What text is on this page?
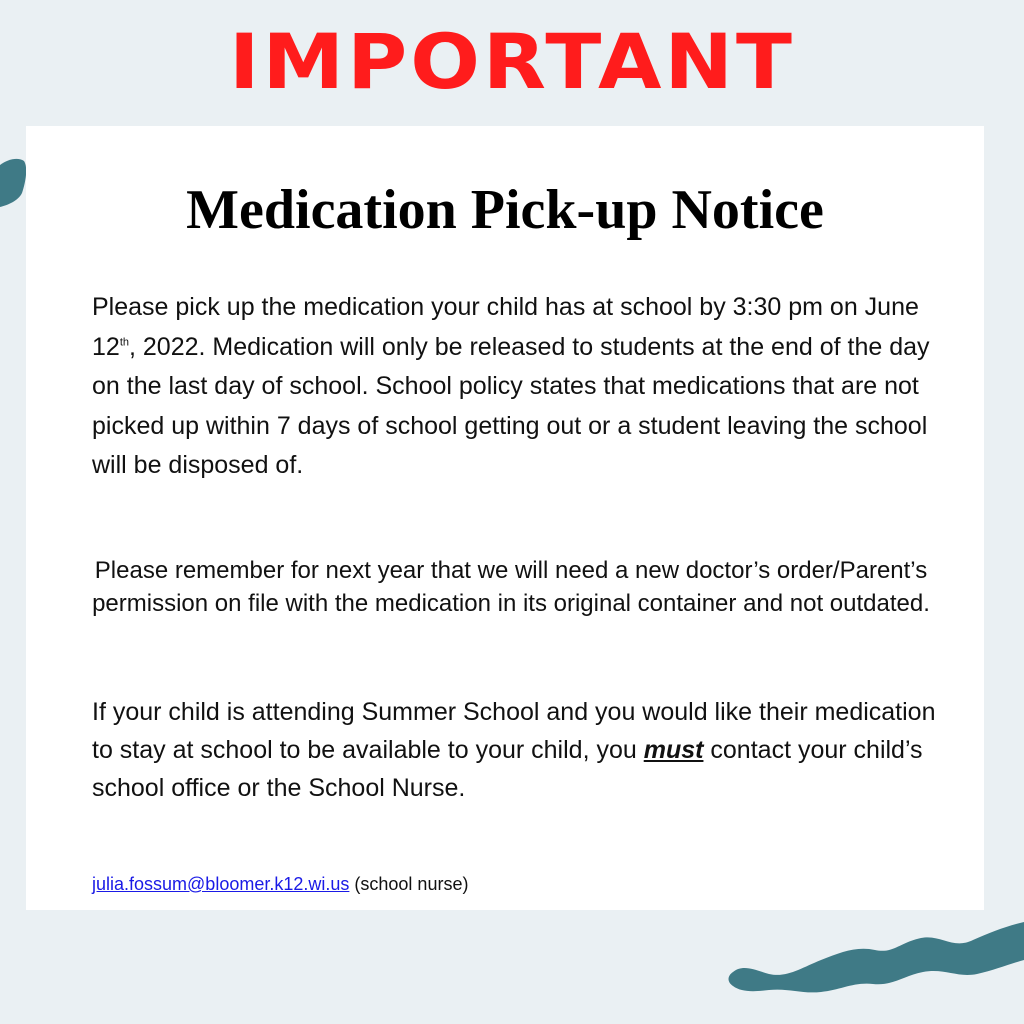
IMPORTANT
Medication Pick-up Notice
Please pick up the medication your child has at school by 3:30 pm on June 12th, 2022. Medication will only be released to students at the end of the day on the last day of school. School policy states that medications that are not picked up within 7 days of school getting out or a student leaving the school will be disposed of.
Please remember for next year that we will need a new doctor’s order/Parent’s permission on file with the medication in its original container and not outdated.
If your child is attending Summer School and you would like their medication to stay at school to be available to your child, you must contact your child’s school office or the School Nurse.
julia.fossum@bloomer.k12.wi.us (school nurse)
